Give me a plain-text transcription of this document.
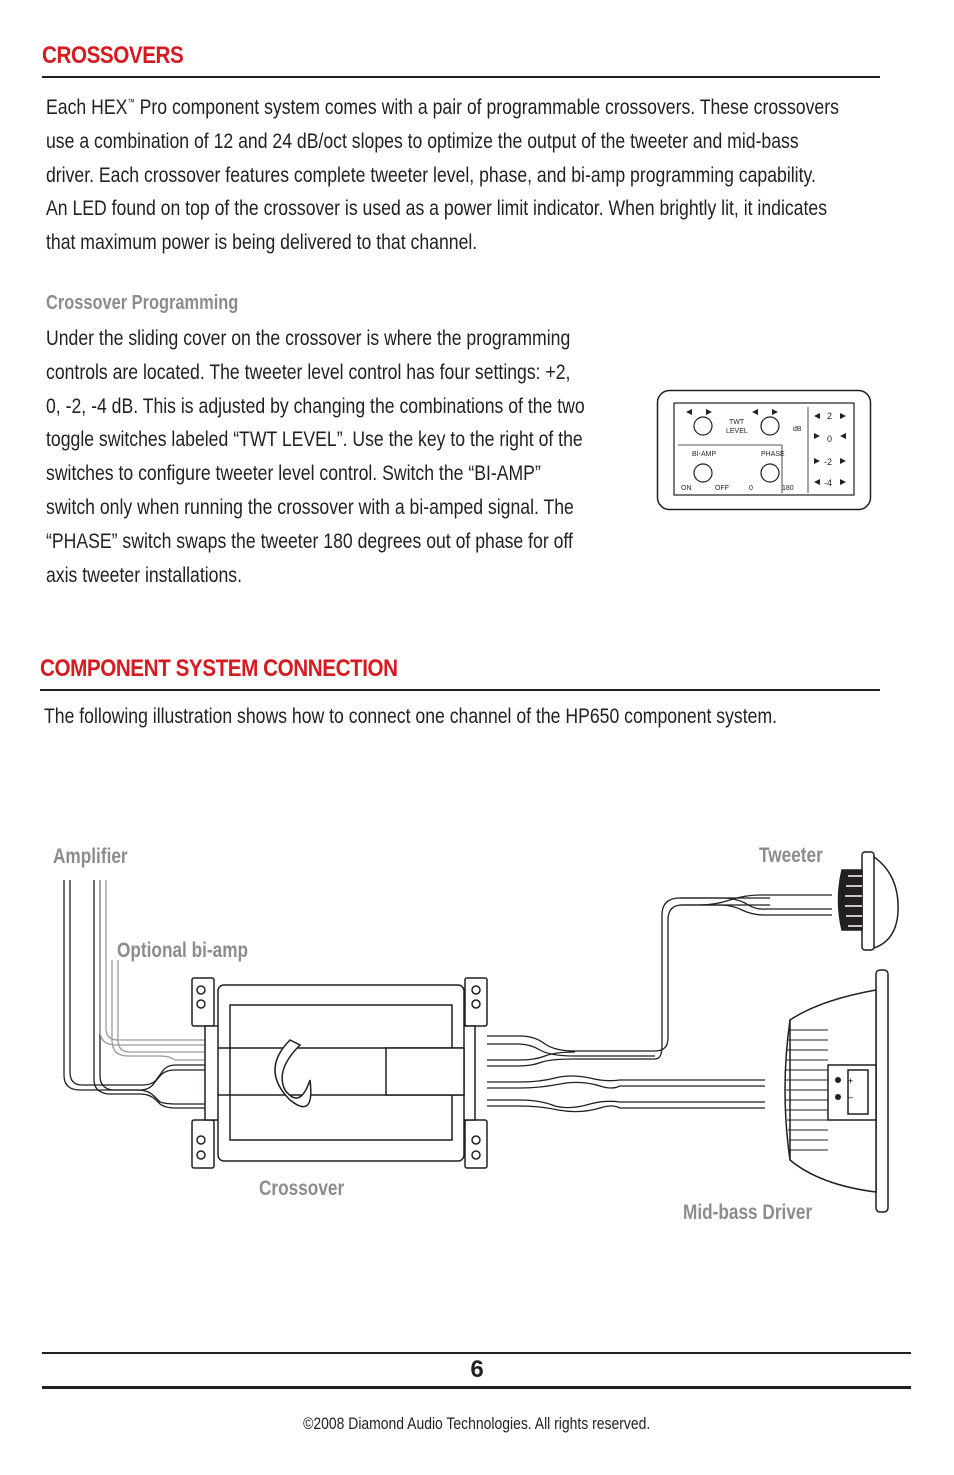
CROSSOVERS
Each HEX™ Pro component system comes with a pair of programmable crossovers. These crossovers
use a combination of 12 and 24 dB/oct slopes to optimize the output of the tweeter and mid-bass
driver. Each crossover features complete tweeter level, phase, and bi-amp programming capability.
An LED found on top of the crossover is used as a power limit indicator. When brightly lit, it indicates
that maximum power is being delivered to that channel.
Crossover Programming
Under the sliding cover on the crossover is where the programming
controls are located. The tweeter level control has four settings: +2,
0, -2, -4 dB. This is adjusted by changing the combinations of the two
toggle switches labeled “TWT LEVEL”. Use the key to the right of the
switches to configure tweeter level control. Switch the “BI-AMP”
switch only when running the crossover with a bi-amped signal. The
“PHASE” switch swaps the tweeter 180 degrees out of phase for off
axis tweeter installations.
TWT
LEVEL	dB
BI-AMP	PHASE
ON	OFF	0	180
2
0
-2
-4
COMPONENT SYSTEM CONNECTION
The following illustration shows how to connect one channel of the HP650 component system.
+
–
Amplifier
Optional bi-amp
Tweeter
Crossover
Mid-bass Driver
6
©2008 Diamond Audio Technologies. All rights reserved.
